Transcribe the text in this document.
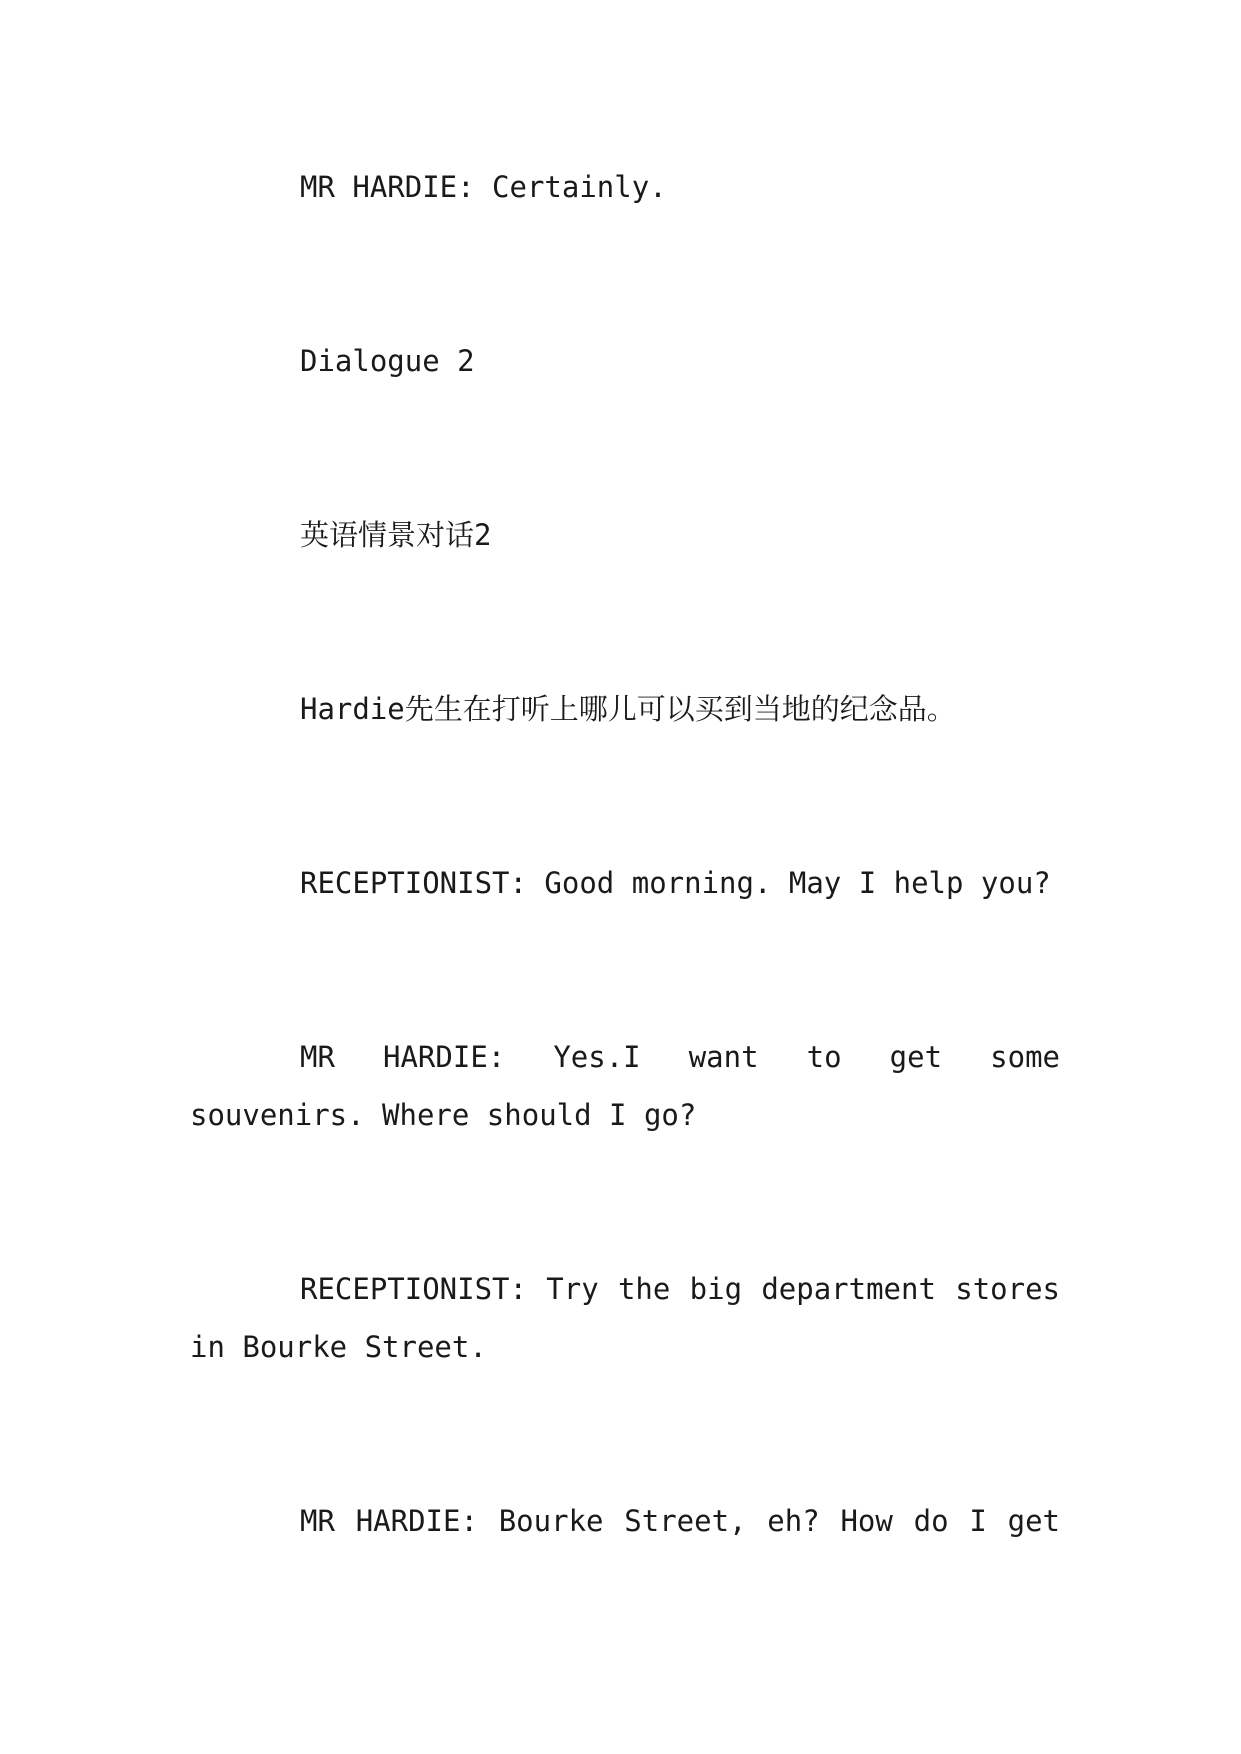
MR HARDIE: Certainly.

Dialogue 2

英语情景对话2

Hardie先生在打听上哪儿可以买到当地的纪念品。

RECEPTIONIST: Good morning. May I help you?

MR HARDIE: Yes.I want to get some souvenirs. Where should I go?

RECEPTIONIST: Try the big department stores in Bourke Street.

MR HARDIE: Bourke Street, eh? How do I get
